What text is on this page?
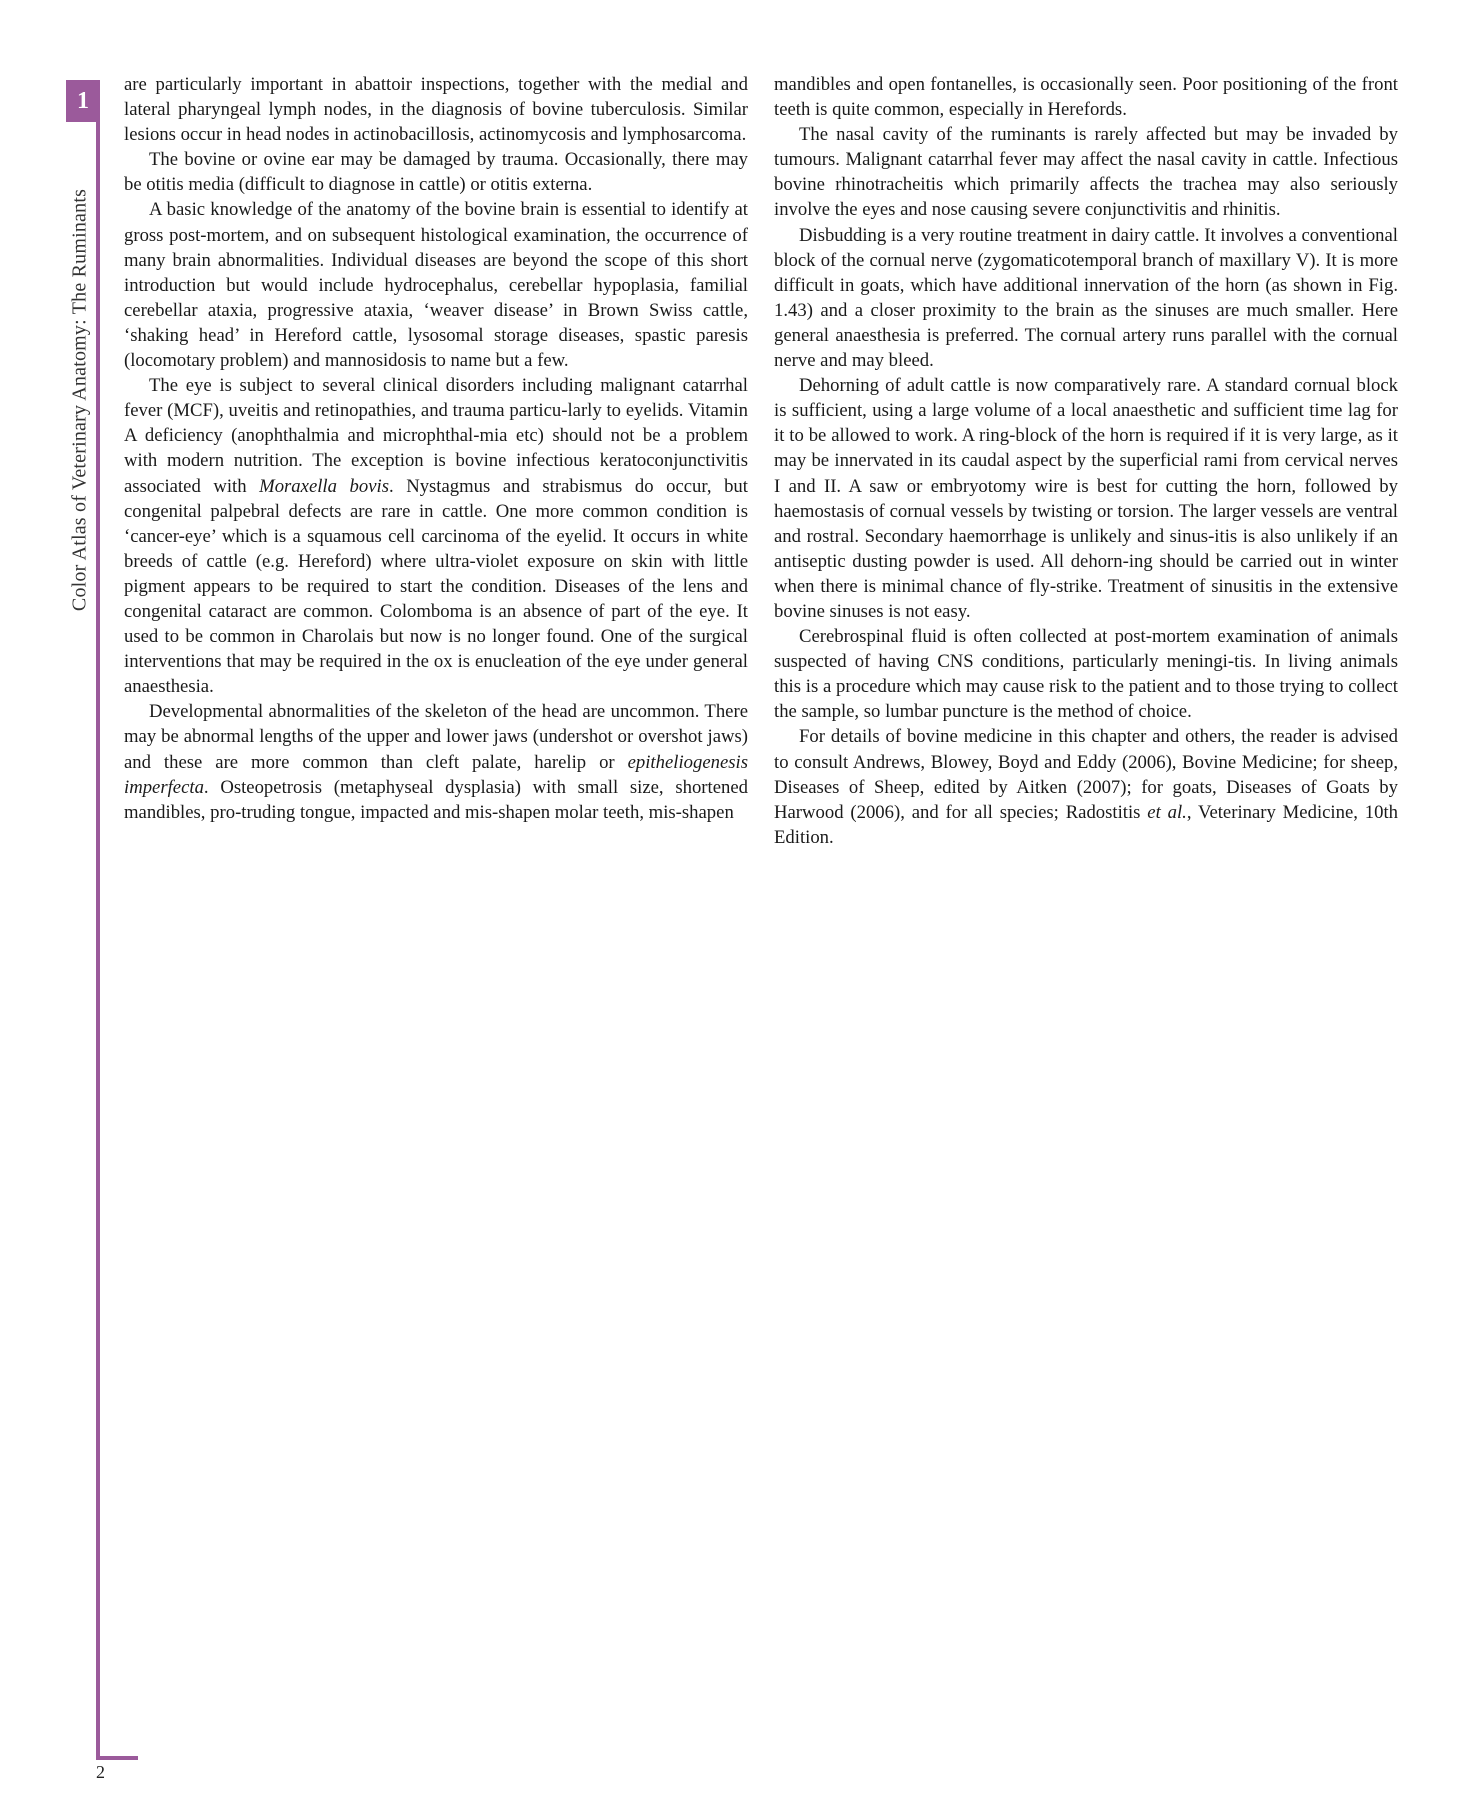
1
Color Atlas of Veterinary Anatomy: The Ruminants

are particularly important in abattoir inspections, together with the medial and lateral pharyngeal lymph nodes, in the diagnosis of bovine tuberculosis. Similar lesions occur in head nodes in actinobacillosis, actinomycosis and lymphosarcoma.

The bovine or ovine ear may be damaged by trauma. Occasionally, there may be otitis media (difficult to diagnose in cattle) or otitis externa.

A basic knowledge of the anatomy of the bovine brain is essential to identify at gross post-mortem, and on subsequent histological examination, the occurrence of many brain abnormalities. Individual diseases are beyond the scope of this short introduction but would include hydrocephalus, cerebellar hypoplasia, familial cerebellar ataxia, progressive ataxia, ‘weaver disease’ in Brown Swiss cattle, ‘shaking head’ in Hereford cattle, lysosomal storage diseases, spastic paresis (locomotary problem) and mannosidosis to name but a few.

The eye is subject to several clinical disorders including malignant catarrhal fever (MCF), uveitis and retinopathies, and trauma particu-larly to eyelids. Vitamin A deficiency (anophthalmia and microphthal-mia etc) should not be a problem with modern nutrition. The exception is bovine infectious keratoconjunctivitis associated with Moraxella bovis. Nystagmus and strabismus do occur, but congenital palpebral defects are rare in cattle. One more common condition is ‘cancer-eye’ which is a squamous cell carcinoma of the eyelid. It occurs in white breeds of cattle (e.g. Hereford) where ultra-violet exposure on skin with little pigment appears to be required to start the condition. Diseases of the lens and congenital cataract are common. Colomboma is an absence of part of the eye. It used to be common in Charolais but now is no longer found. One of the surgical interventions that may be required in the ox is enucleation of the eye under general anaesthesia.

Developmental abnormalities of the skeleton of the head are uncommon. There may be abnormal lengths of the upper and lower jaws (undershot or overshot jaws) and these are more common than cleft palate, harelip or epitheliogenesis imperfecta. Osteopetrosis (metaphyseal dysplasia) with small size, shortened mandibles, pro-truding tongue, impacted and mis-shapen molar teeth, mis-shapen

mandibles and open fontanelles, is occasionally seen. Poor positioning of the front teeth is quite common, especially in Herefords.

The nasal cavity of the ruminants is rarely affected but may be invaded by tumours. Malignant catarrhal fever may affect the nasal cavity in cattle. Infectious bovine rhinotracheitis which primarily affects the trachea may also seriously involve the eyes and nose causing severe conjunctivitis and rhinitis.

Disbudding is a very routine treatment in dairy cattle. It involves a conventional block of the cornual nerve (zygomaticotemporal branch of maxillary V). It is more difficult in goats, which have additional innervation of the horn (as shown in Fig. 1.43) and a closer proximity to the brain as the sinuses are much smaller. Here general anaesthesia is preferred. The cornual artery runs parallel with the cornual nerve and may bleed.

Dehorning of adult cattle is now comparatively rare. A standard cornual block is sufficient, using a large volume of a local anaesthetic and sufficient time lag for it to be allowed to work. A ring-block of the horn is required if it is very large, as it may be innervated in its caudal aspect by the superficial rami from cervical nerves I and II. A saw or embryotomy wire is best for cutting the horn, followed by haemostasis of cornual vessels by twisting or torsion. The larger vessels are ventral and rostral. Secondary haemorrhage is unlikely and sinus-itis is also unlikely if an antiseptic dusting powder is used. All dehorn-ing should be carried out in winter when there is minimal chance of fly-strike. Treatment of sinusitis in the extensive bovine sinuses is not easy.

Cerebrospinal fluid is often collected at post-mortem examination of animals suspected of having CNS conditions, particularly meningi-tis. In living animals this is a procedure which may cause risk to the patient and to those trying to collect the sample, so lumbar puncture is the method of choice.

For details of bovine medicine in this chapter and others, the reader is advised to consult Andrews, Blowey, Boyd and Eddy (2006), Bovine Medicine; for sheep, Diseases of Sheep, edited by Aitken (2007); for goats, Diseases of Goats by Harwood (2006), and for all species; Radostitis et al., Veterinary Medicine, 10th Edition.

2
